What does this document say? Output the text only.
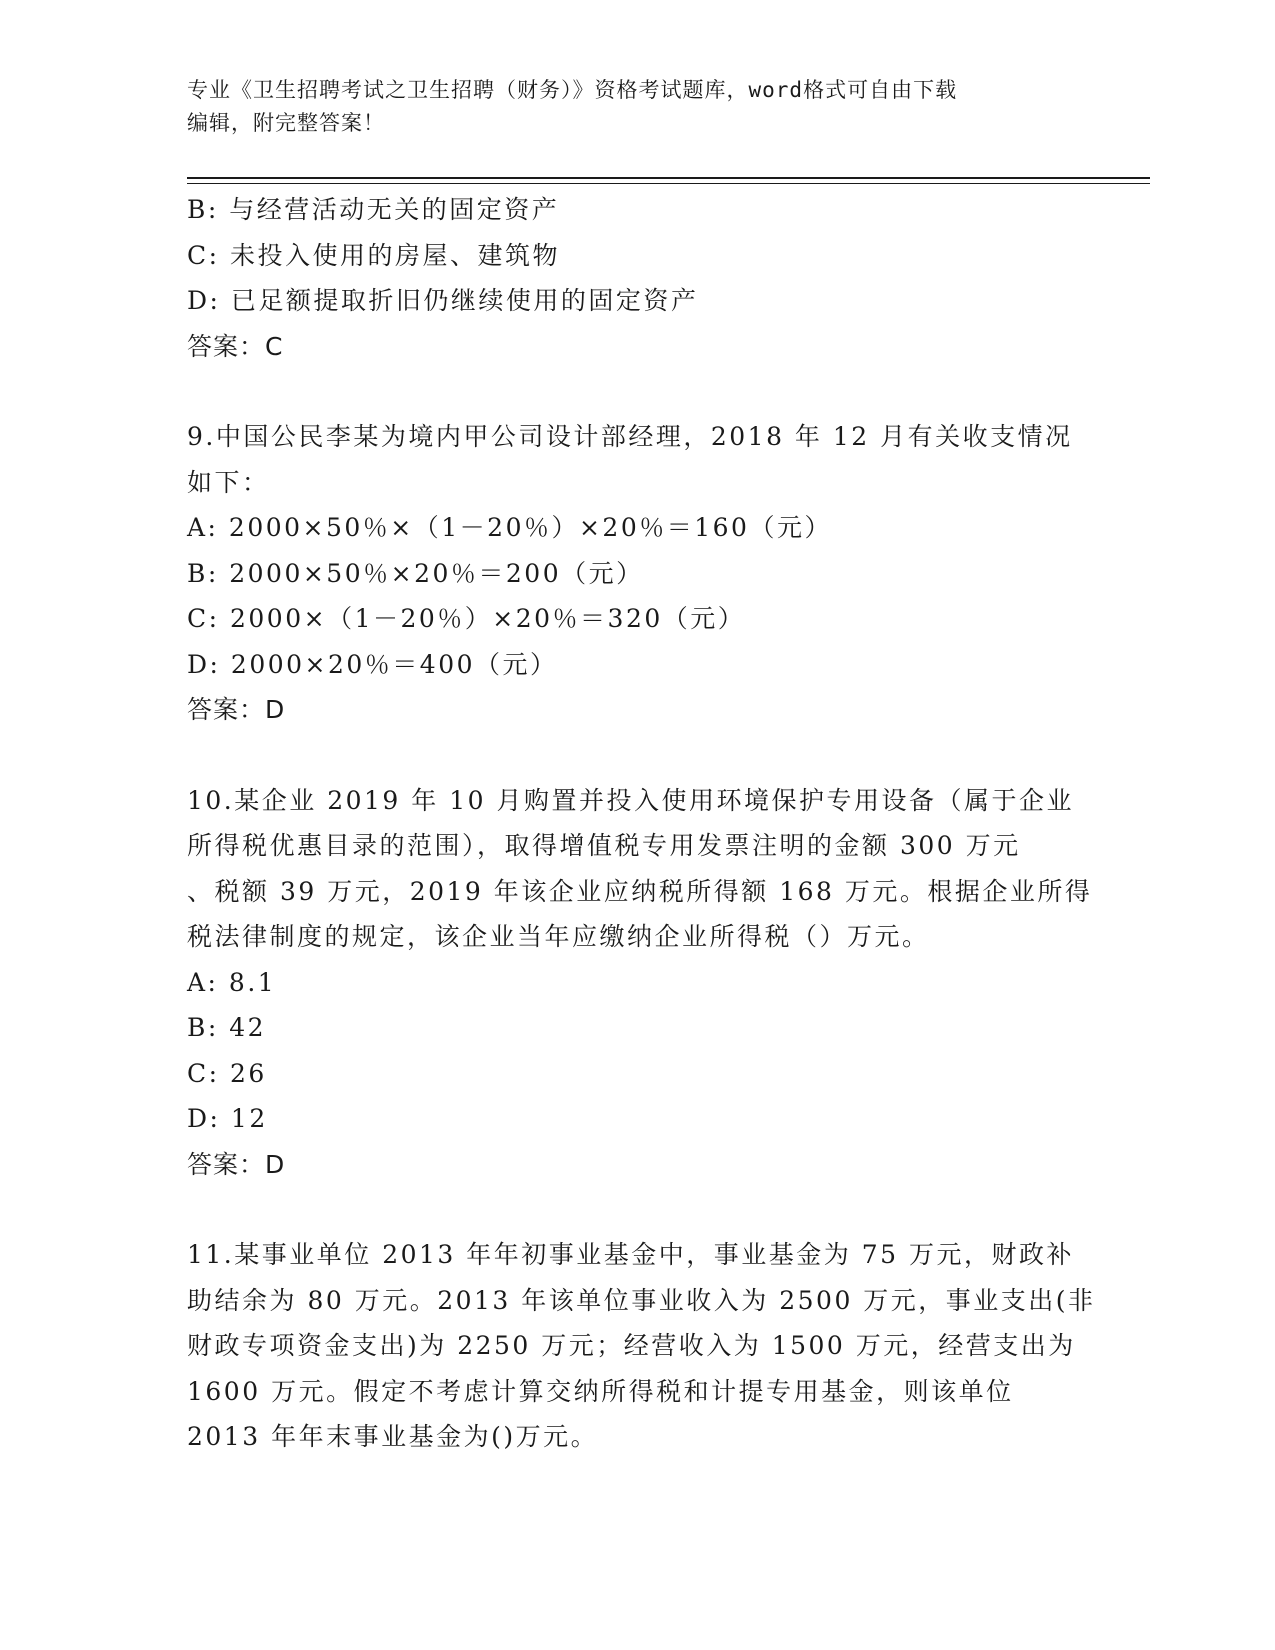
专业《卫生招聘考试之卫生招聘（财务）》资格考试题库，word格式可自由下载
编辑，附完整答案！
B: 与经营活动无关的固定资产
C: 未投入使用的房屋、建筑物
D: 已足额提取折旧仍继续使用的固定资产
答案：C
9.中国公民李某为境内甲公司设计部经理，2018 年 12 月有关收支情况
如下：
A: 2000×50％×（1－20％）×20％＝160（元）
B: 2000×50％×20％＝200（元）
C: 2000×（1－20％）×20％＝320（元）
D: 2000×20％＝400（元）
答案：D
10.某企业 2019 年 10 月购置并投入使用环境保护专用设备（属于企业
所得税优惠目录的范围），取得增值税专用发票注明的金额 300 万元
、税额 39 万元，2019 年该企业应纳税所得额 168 万元。根据企业所得
税法律制度的规定，该企业当年应缴纳企业所得税（）万元。
A: 8.1
B: 42
C: 26
D: 12
答案：D
11.某事业单位 2013 年年初事业基金中，事业基金为 75 万元，财政补
助结余为 80 万元。2013 年该单位事业收入为 2500 万元，事业支出(非
财政专项资金支出)为 2250 万元；经营收入为 1500 万元，经营支出为
1600 万元。假定不考虑计算交纳所得税和计提专用基金，则该单位
2013 年年末事业基金为()万元。
